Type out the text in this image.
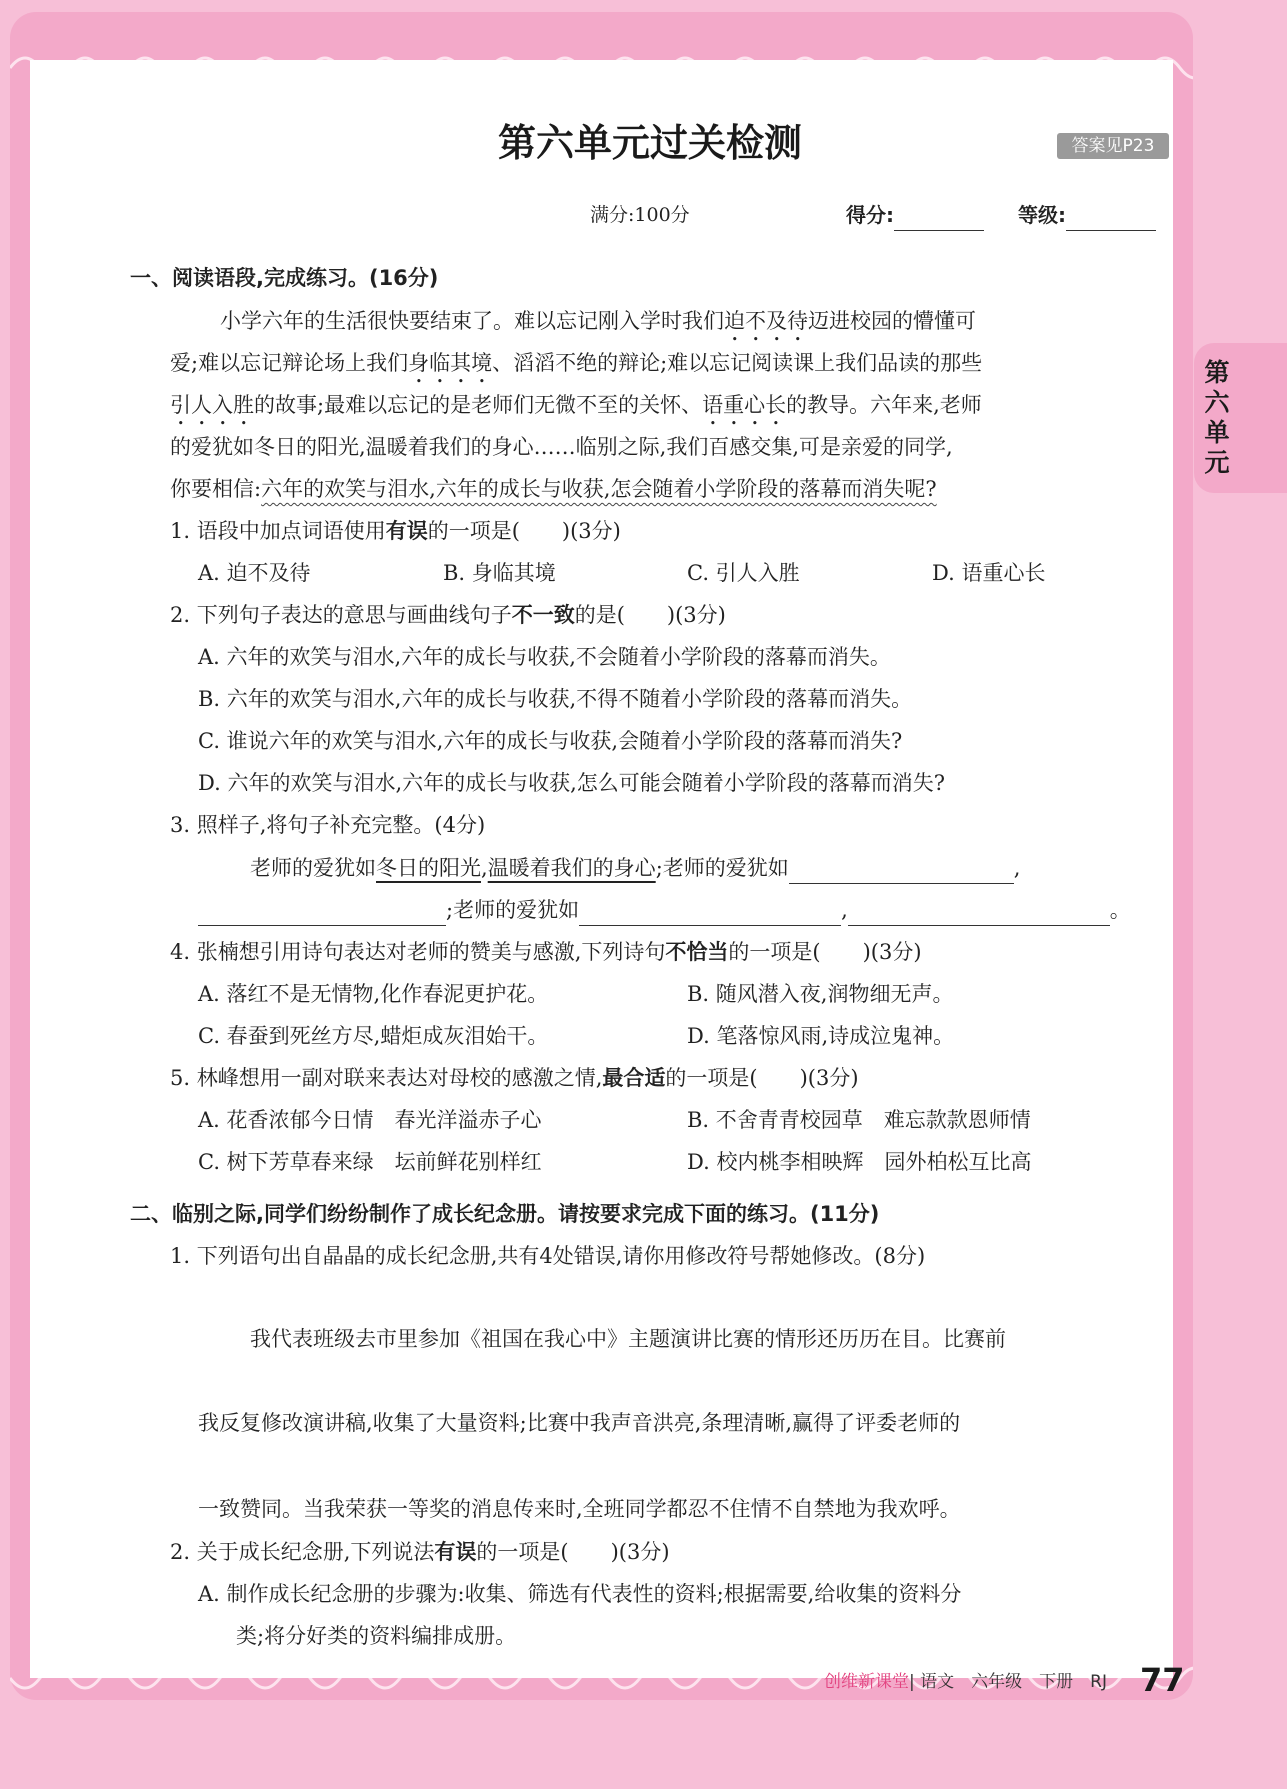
第六单元
第六单元过关检测	答案见P23
满分:100分	得分:	等级:
一、阅读语段,完成练习。(16分)
小学六年的生活很快要结束了。难以忘记刚入学时我们迫不及待迈进校园的懵懂可
爱;难以忘记辩论场上我们身临其境、滔滔不绝的辩论;难以忘记阅读课上我们品读的那些
引人入胜的故事;最难以忘记的是老师们无微不至的关怀、语重心长的教导。六年来,老师
的爱犹如冬日的阳光,温暖着我们的身心……临别之际,我们百感交集,可是亲爱的同学,
你要相信:六年的欢笑与泪水,六年的成长与收获,怎会随着小学阶段的落幕而消失呢?
1. 语段中加点词语使用有误的一项是(　　)(3分)
A. 迫不及待	B. 身临其境	C. 引人入胜	D. 语重心长
2. 下列句子表达的意思与画曲线句子不一致的是(　　)(3分)
A. 六年的欢笑与泪水,六年的成长与收获,不会随着小学阶段的落幕而消失。
B. 六年的欢笑与泪水,六年的成长与收获,不得不随着小学阶段的落幕而消失。
C. 谁说六年的欢笑与泪水,六年的成长与收获,会随着小学阶段的落幕而消失?
D. 六年的欢笑与泪水,六年的成长与收获,怎么可能会随着小学阶段的落幕而消失?
3. 照样子,将句子补充完整。(4分)
老师的爱犹如冬日的阳光,温暖着我们的身心;老师的爱犹如	,
;老师的爱犹如	,	。
4. 张楠想引用诗句表达对老师的赞美与感激,下列诗句不恰当的一项是(　　)(3分)
A. 落红不是无情物,化作春泥更护花。	B. 随风潜入夜,润物细无声。
C. 春蚕到死丝方尽,蜡炬成灰泪始干。	D. 笔落惊风雨,诗成泣鬼神。
5. 林峰想用一副对联来表达对母校的感激之情,最合适的一项是(　　)(3分)
A. 花香浓郁今日情　春光洋溢赤子心	B. 不舍青青校园草　难忘款款恩师情
C. 树下芳草春来绿　坛前鲜花别样红	D. 校内桃李相映辉　园外柏松互比高
二、临别之际,同学们纷纷制作了成长纪念册。请按要求完成下面的练习。(11分)
1. 下列语句出自晶晶的成长纪念册,共有4处错误,请你用修改符号帮她修改。(8分)
我代表班级去市里参加《祖国在我心中》主题演讲比赛的情形还历历在目。比赛前
我反复修改演讲稿,收集了大量资料;比赛中我声音洪亮,条理清晰,赢得了评委老师的
一致赞同。当我荣获一等奖的消息传来时,全班同学都忍不住情不自禁地为我欢呼。
2. 关于成长纪念册,下列说法有误的一项是(　　)(3分)
A. 制作成长纪念册的步骤为:收集、筛选有代表性的资料;根据需要,给收集的资料分
类;将分好类的资料编排成册。
创维新课堂| 语文　六年级　下册　RJ 77
